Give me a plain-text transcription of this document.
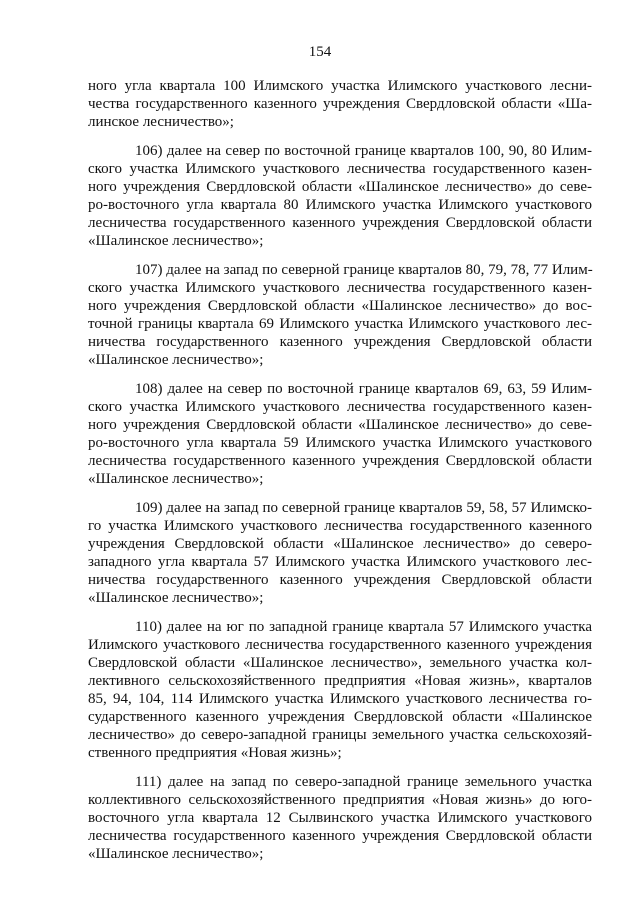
154
ного угла квартала 100 Илимского участка Илимского участкового лесни-
чества государственного казенного учреждения Свердловской области «Ша-
линское лесничество»;
106) далее на север по восточной границе кварталов 100, 90, 80 Илим-
ского участка Илимского участкового лесничества государственного казен-
ного учреждения Свердловской области «Шалинское лесничество» до севе-
ро-восточного угла квартала 80 Илимского участка Илимского участкового
лесничества государственного казенного учреждения Свердловской области
«Шалинское лесничество»;
107) далее на запад по северной границе кварталов 80, 79, 78, 77 Илим-
ского участка Илимского участкового лесничества государственного казен-
ного учреждения Свердловской области «Шалинское лесничество» до вос-
точной границы квартала 69 Илимского участка Илимского участкового лес-
ничества государственного казенного учреждения Свердловской области
«Шалинское лесничество»;
108) далее на север по восточной границе кварталов 69, 63, 59 Илим-
ского участка Илимского участкового лесничества государственного казен-
ного учреждения Свердловской области «Шалинское лесничество» до севе-
ро-восточного угла квартала 59 Илимского участка Илимского участкового
лесничества государственного казенного учреждения Свердловской области
«Шалинское лесничество»;
109) далее на запад по северной границе кварталов 59, 58, 57 Илимско-
го участка Илимского участкового лесничества государственного казенного
учреждения Свердловской области «Шалинское лесничество» до северо-
западного угла квартала 57 Илимского участка Илимского участкового лес-
ничества государственного казенного учреждения Свердловской области
«Шалинское лесничество»;
110) далее на юг по западной границе квартала 57 Илимского участка
Илимского участкового лесничества государственного казенного учреждения
Свердловской области «Шалинское лесничество», земельного участка кол-
лективного сельскохозяйственного предприятия «Новая жизнь», кварталов
85, 94, 104, 114 Илимского участка Илимского участкового лесничества го-
сударственного казенного учреждения Свердловской области «Шалинское
лесничество» до северо-западной границы земельного участка сельскохозяй-
ственного предприятия «Новая жизнь»;
111) далее на запад по северо-западной границе земельного участка
коллективного сельскохозяйственного предприятия «Новая жизнь» до юго-
восточного угла квартала 12 Сылвинского участка Илимского участкового
лесничества государственного казенного учреждения Свердловской области
«Шалинское лесничество»;
